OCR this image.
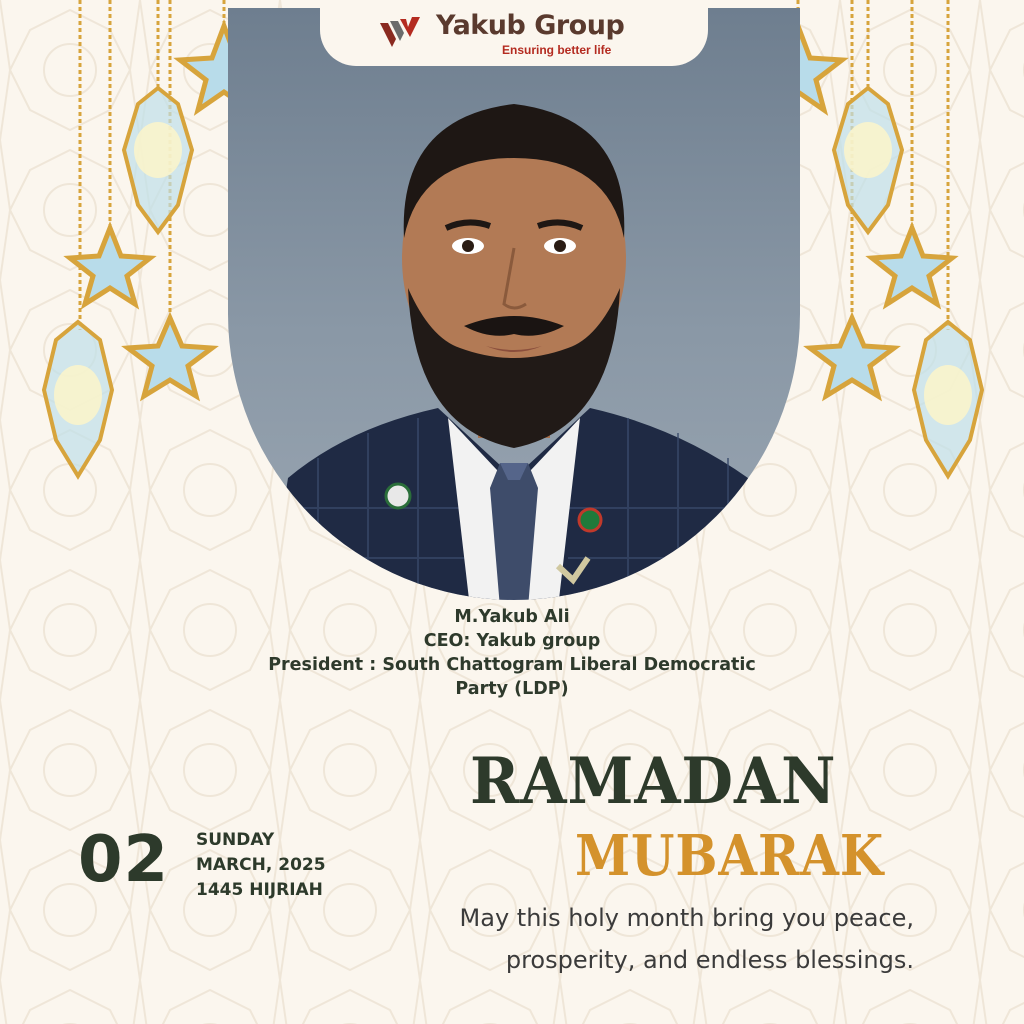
Yakub Group
Ensuring better life
M.Yakub Ali
CEO: Yakub group
President : South Chattogram Liberal Democratic
Party (LDP)
RAMADAN
MUBARAK
May this holy month bring you peace,
prosperity, and endless blessings.
02 SUNDAY
MARCH, 2025
1445 HIJRIAH
